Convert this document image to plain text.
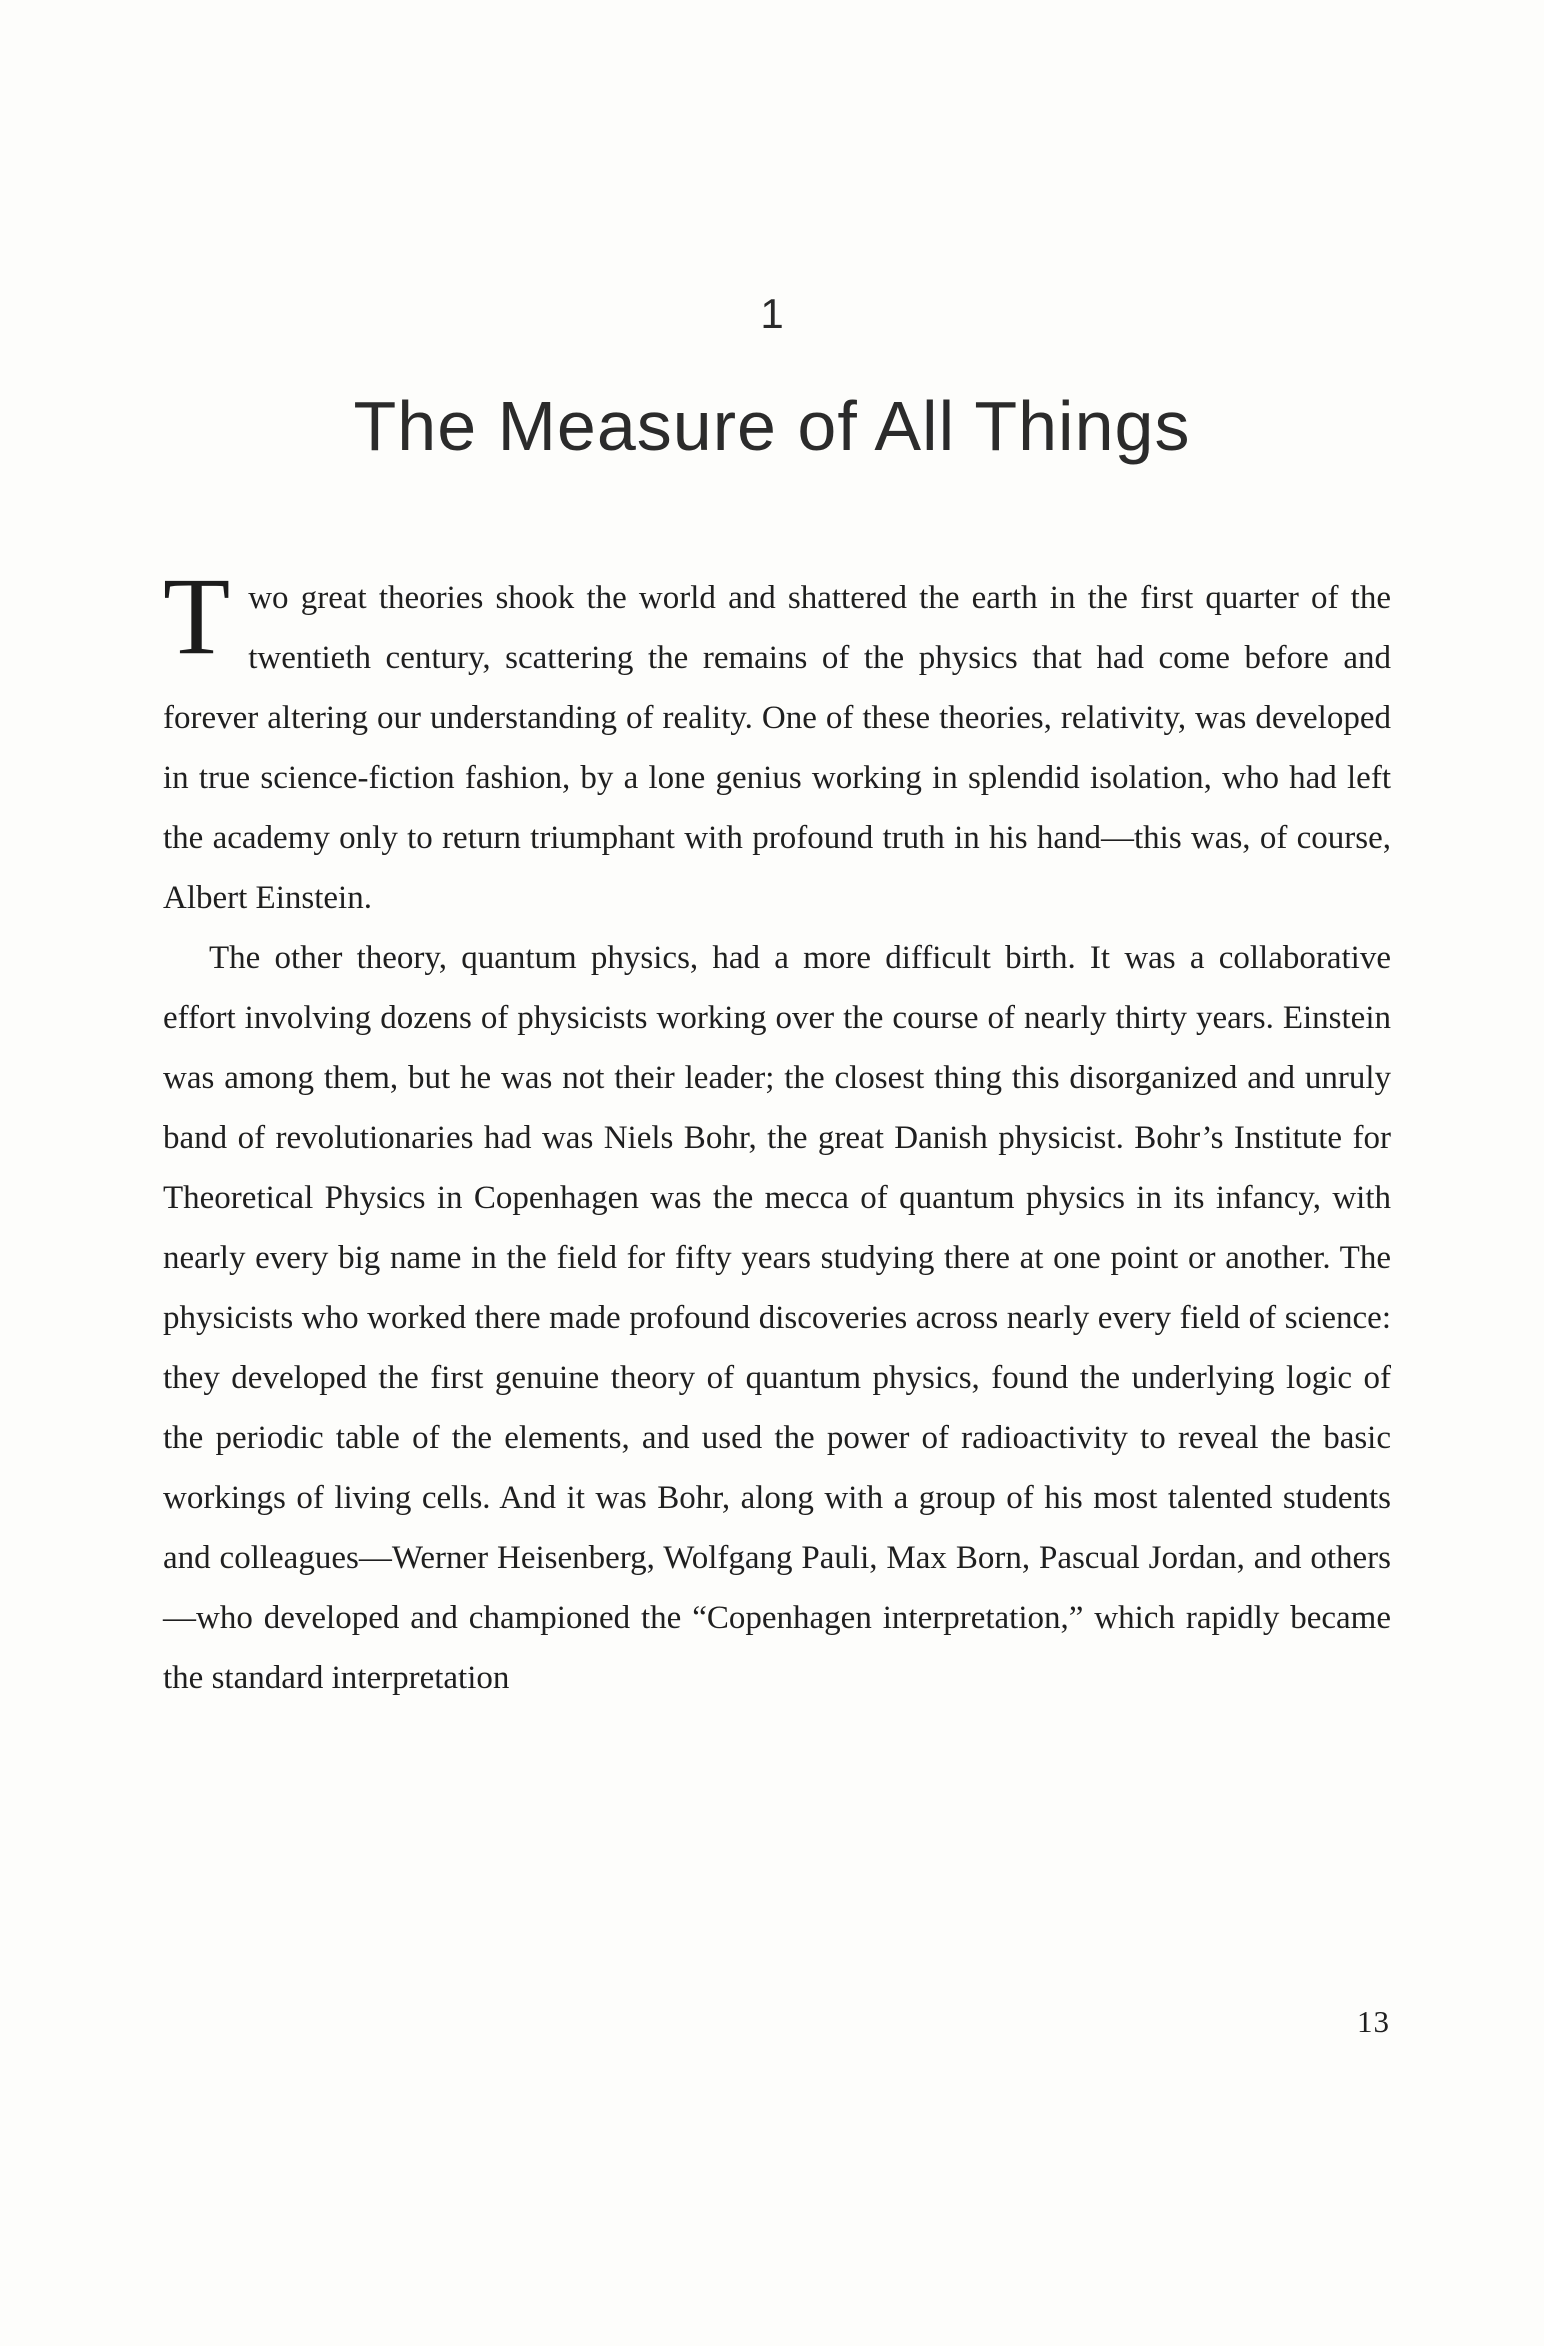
1
The Measure of All Things

Two great theories shook the world and shattered the earth in the first quarter of the twentieth century, scattering the remains of the physics that had come before and forever altering our understanding of reality. One of these theories, relativity, was developed in true science-fiction fashion, by a lone genius working in splendid isolation, who had left the academy only to return triumphant with profound truth in his hand—this was, of course, Albert Einstein.

The other theory, quantum physics, had a more difficult birth. It was a collaborative effort involving dozens of physicists working over the course of nearly thirty years. Einstein was among them, but he was not their leader; the closest thing this disorganized and unruly band of revolutionaries had was Niels Bohr, the great Danish physicist. Bohr’s Institute for Theoretical Physics in Copenhagen was the mecca of quantum physics in its infancy, with nearly every big name in the field for fifty years studying there at one point or another. The physicists who worked there made profound discoveries across nearly every field of science: they developed the first genuine theory of quantum physics, found the underlying logic of the periodic table of the elements, and used the power of radioactivity to reveal the basic workings of living cells. And it was Bohr, along with a group of his most talented students and colleagues—Werner Heisenberg, Wolfgang Pauli, Max Born, Pascual Jordan, and others—who developed and championed the “Copenhagen interpretation,” which rapidly became the standard interpretation

13
